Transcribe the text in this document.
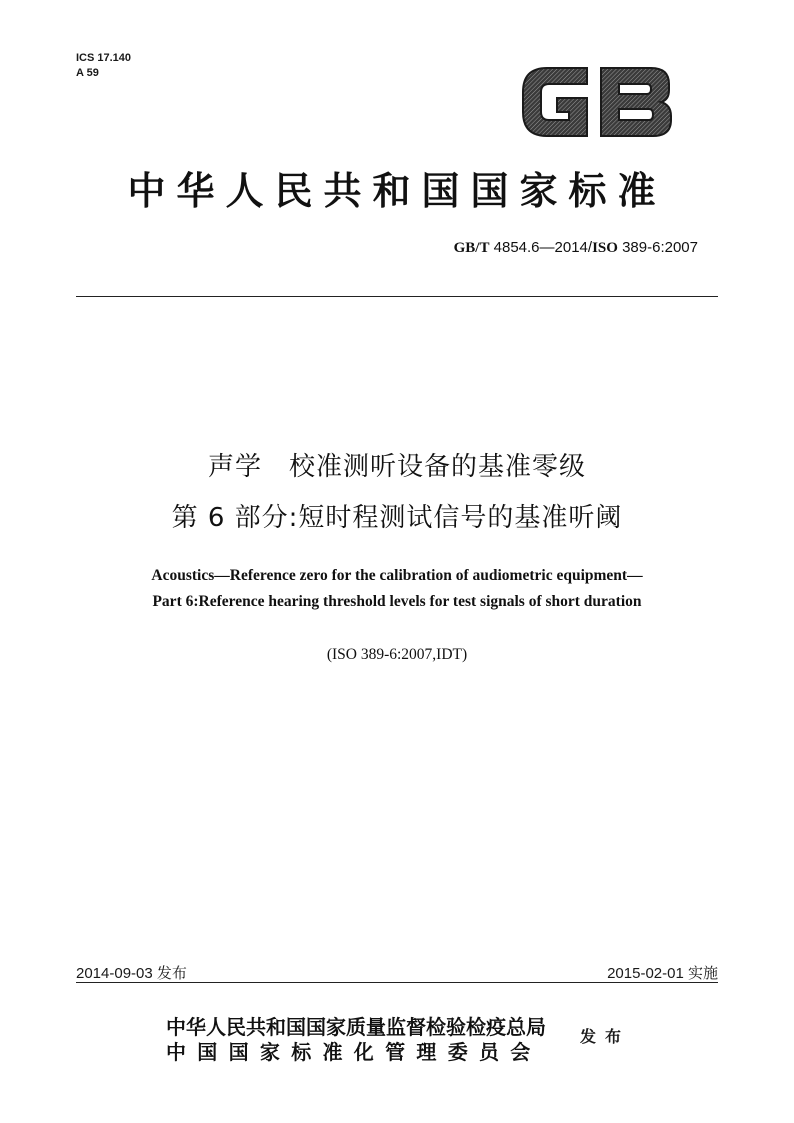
ICS 17.140
A 59
中华人民共和国国家标准
GB/T 4854.6—2014/ISO 389-6:2007
声学　校准测听设备的基准零级
第 6 部分:短时程测试信号的基准听阈
Acoustics—Reference zero for the calibration of audiometric equipment—
Part 6:Reference hearing threshold levels for test signals of short duration
(ISO 389-6:2007,IDT)
2014-09-03 发布	2015-02-01 实施
中华人民共和国国家质量监督检验检疫总局
中国国家标准化管理委员会
发布
